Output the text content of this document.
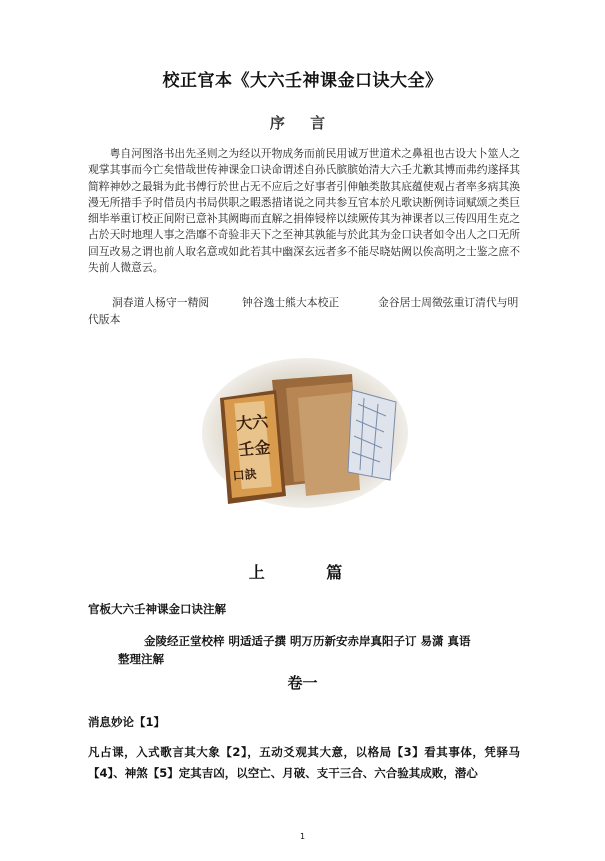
校正官本《大六壬神课金口诀大全》
序 言

粤自河图洛书出先圣则之为经以开物成务而前民用诚万世道术之鼻祖也古设大卜筮人之观掌其事而今亡矣惜哉世传神课金口诀命谓述自孙氏膑膑始清大六壬尤歉其博而弗约遂择其简粹神妙之最辑为此书傅行於世占无不应后之好事者引伸触类散其底蕴使观占者率多病其涣漫无所措手予时借员内书局供职之暇悉措诸说之同共参互官本於凡歌诀断例诗词赋颂之类巨细毕举重订校正间附已意补其阙晦而直解之捐俸锓梓以续厥传其为神课者以三传四用生克之占於天时地理人事之浩靡不奇验非天下之至神其孰能与於此其为金口诀者如令出人之口无所回互改易之谓也前人取名意或如此若其中幽深玄远者多不能尽晓姑阙以俟高明之士鉴之庶不失前人微意云。

洞春道人杨守一精阅	钟谷逸士熊大本校正	金谷居士周徵弦重订清代与明代版本
大六
壬金
口訣
上 篇
官板大六壬神课金口诀注解

金陵经正堂校梓 明适适子撰 明万历新安赤岸真阳子订 易潇 真语整理注解

卷一
消息妙论【1】

凡占课，入式歌言其大象【2】，五动爻观其大意，以格局【3】看其事体，凭驿马【4】、神煞【5】定其吉凶，以空亡、月破、支干三合、六合验其成败，潜心

1
